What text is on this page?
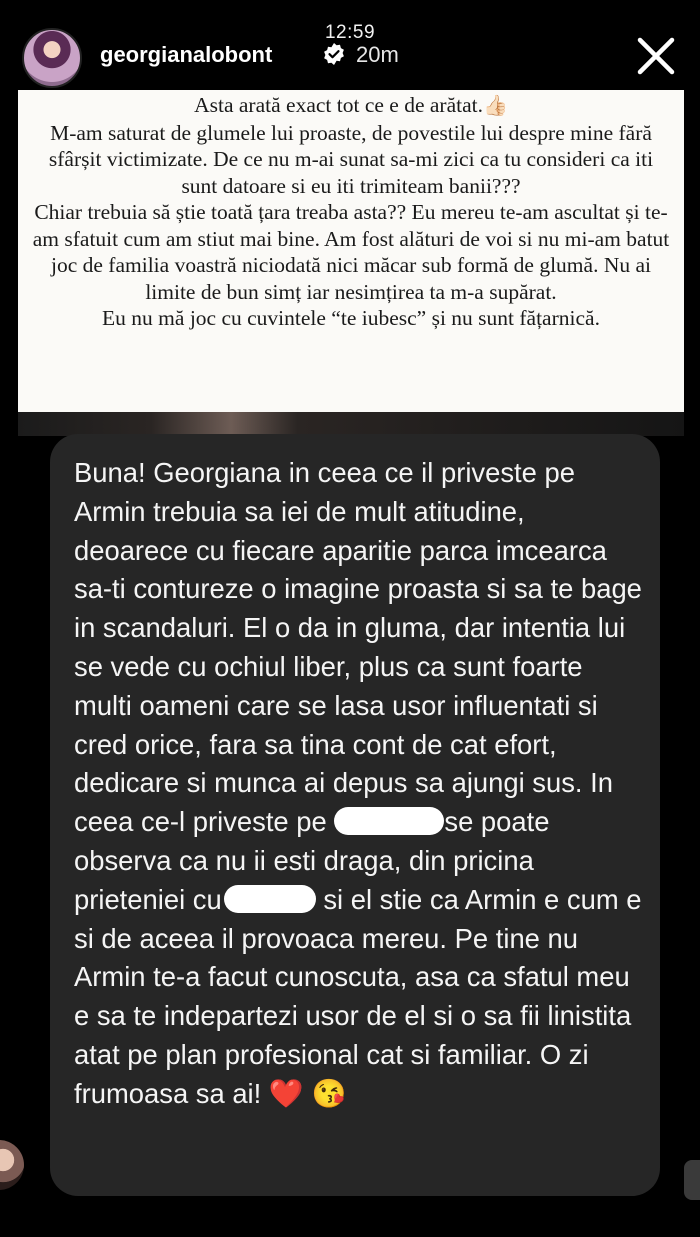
12:59
georgianalobont	20m

Asta arată exact tot ce e de arătat.👍🏻

M-am saturat de glumele lui proaste, de povestile lui despre mine fără sfârșit victimizate. De ce nu m-ai sunat sa-mi zici ca tu consideri ca iti sunt datoare si eu iti trimiteam banii???

Chiar trebuia să știe toată țara treaba asta?? Eu mereu te-am ascultat și te-am sfatuit cum am stiut mai bine. Am fost alături de voi si nu mi-am batut joc de familia voastră niciodată nici măcar sub formă de glumă. Nu ai limite de bun simț iar nesimțirea ta m-a supărat.

Eu nu mă joc cu cuvintele “te iubesc” și nu sunt fățarnică.

Buna! Georgiana in ceea ce il priveste pe Armin trebuia sa iei de mult atitudine, deoarece cu fiecare aparitie parca imcearca sa-ti contureze o imagine proasta si sa te bage in scandaluri. El o da in gluma, dar intentia lui se vede cu ochiul liber, plus ca sunt foarte multi oameni care se lasa usor influentati si cred orice, fara sa tina cont de cat efort, dedicare si munca ai depus sa ajungi sus. In ceea ce-l priveste pe	se poate observa ca nu ii esti draga, din pricina prieteniei cu	si el stie ca Armin e cum e si de aceea il provoaca mereu. Pe tine nu Armin te-a facut cunoscuta, asa ca sfatul meu e sa te indepartezi usor de el si o sa fii linistita atat pe plan profesional cat si familiar. O zi frumoasa sa ai! ❤️ 😘
